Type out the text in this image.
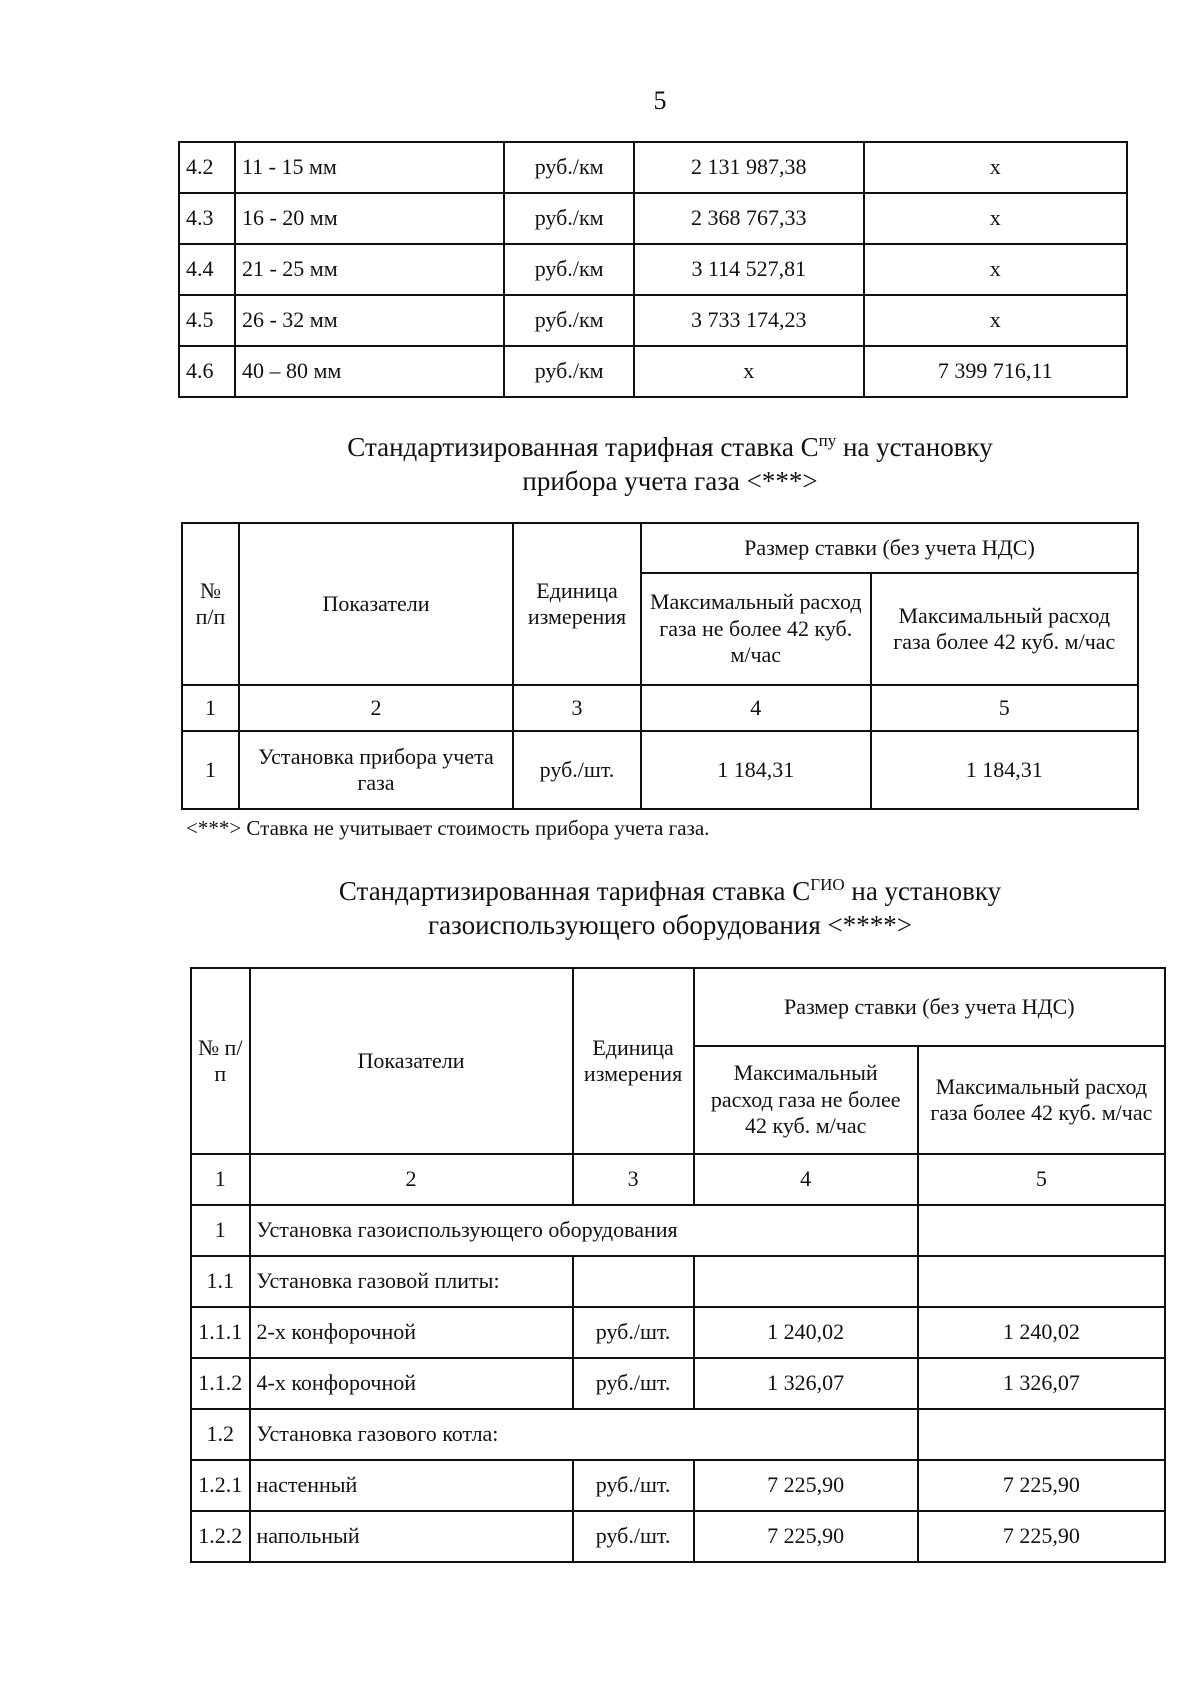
5
4.2	11 - 15 мм	руб./км	2 131 987,38	х
4.3	16 - 20 мм	руб./км	2 368 767,33	х
4.4	21 - 25 мм	руб./км	3 114 527,81	х
4.5	26 - 32 мм	руб./км	3 733 174,23	х
4.6	40 – 80 мм	руб./км	х	7 399 716,11
Стандартизированная тарифная ставка $С^{пу}$ на установку
прибора учета газа <***>
№ п/п	Показатели	Единица измерения	Размер ставки (без учета НДС)	
			Максимальный расход газа не более 42 куб. м/час	Максимальный расход газа более 42 куб. м/час
1	2	3	4	5
1	Установка прибора учета газа	руб./шт.	1 184,31	1 184,31
<***> Ставка не учитывает стоимость прибора учета газа.
Стандартизированная тарифная ставка $С^{ГИО}$ на установку
газоиспользующего оборудования <****>
№ п/п	Показатели	Единица измерения	Размер ставки (без учета НДС)	
			Максимальный расход газа не более 42 куб. м/час	Максимальный расход газа более 42 куб. м/час
1	2	3	4	5
1	Установка газоиспользующего оборудования			
1.1	Установка газовой плиты:			
1.1.1	2-х конфорочной	руб./шт.	1 240,02	1 240,02
1.1.2	4-х конфорочной	руб./шт.	1 326,07	1 326,07
1.2	Установка газового котла:			
1.2.1	настенный	руб./шт.	7 225,90	7 225,90
1.2.2	напольный	руб./шт.	7 225,90	7 225,90
